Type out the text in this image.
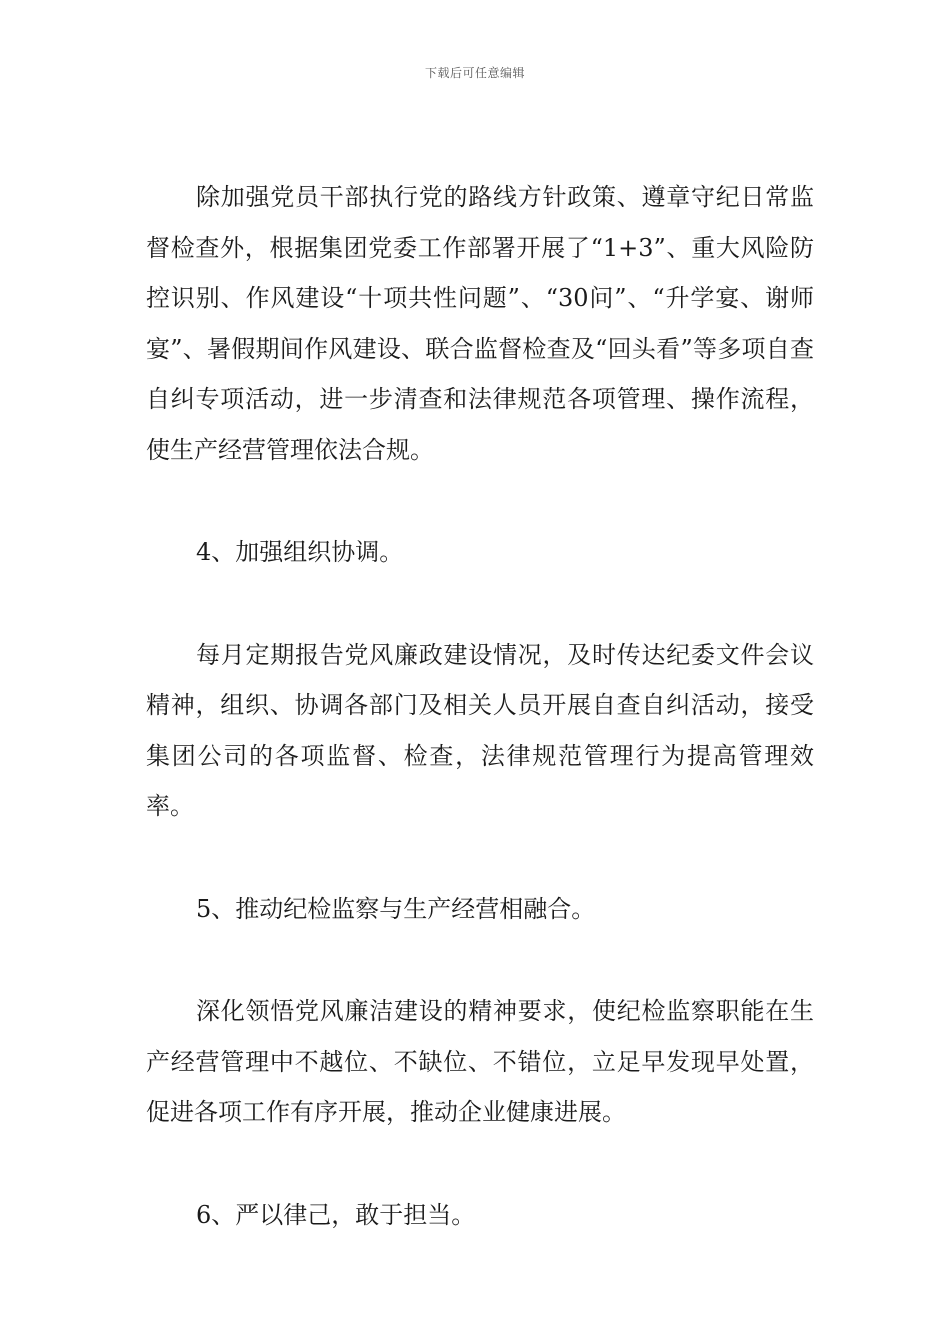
下载后可任意编辑

除加强党员干部执行党的路线方针政策、遵章守纪日常监督检查外，根据集团党委工作部署开展了“1+3”、重大风险防控识别、作风建设“十项共性问题”、“30问”、“升学宴、谢师宴”、暑假期间作风建设、联合监督检查及“回头看”等多项自查自纠专项活动，进一步清查和法律规范各项管理、操作流程，使生产经营管理依法合规。

4、加强组织协调。

每月定期报告党风廉政建设情况，及时传达纪委文件会议精神，组织、协调各部门及相关人员开展自查自纠活动，接受集团公司的各项监督、检查，法律规范管理行为提高管理效率。

5、推动纪检监察与生产经营相融合。

深化领悟党风廉洁建设的精神要求，使纪检监察职能在生产经营管理中不越位、不缺位、不错位，立足早发现早处置，促进各项工作有序开展，推动企业健康进展。

6、严以律己，敢于担当。
